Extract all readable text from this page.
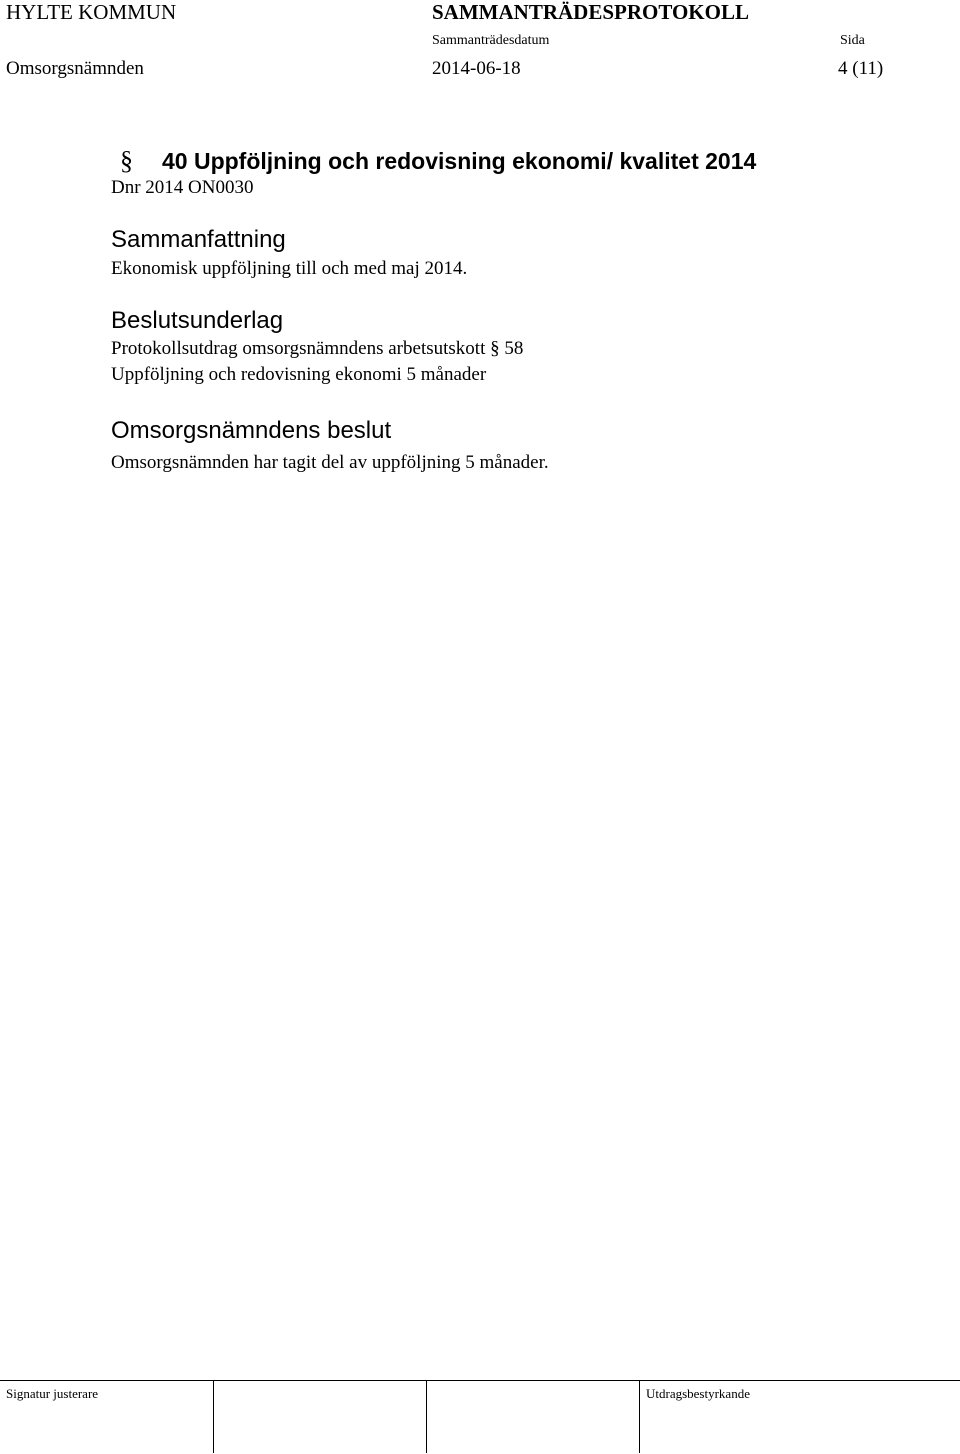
HYLTE KOMMUN	SAMMANTRÄDESPROTOKOLL
Sammanträdesdatum	Sida
Omsorgsnämnden	2014-06-18	4 (11)
§ 40 Uppföljning och redovisning ekonomi/ kvalitet 2014
Dnr 2014 ON0030
Sammanfattning
Ekonomisk uppföljning till och med maj 2014.
Beslutsunderlag
Protokollsutdrag omsorgsnämndens arbetsutskott § 58
Uppföljning och redovisning ekonomi 5 månader
Omsorgsnämndens beslut
Omsorgsnämnden har tagit del av uppföljning 5 månader.
Signatur justerare	Utdragsbestyrkande
